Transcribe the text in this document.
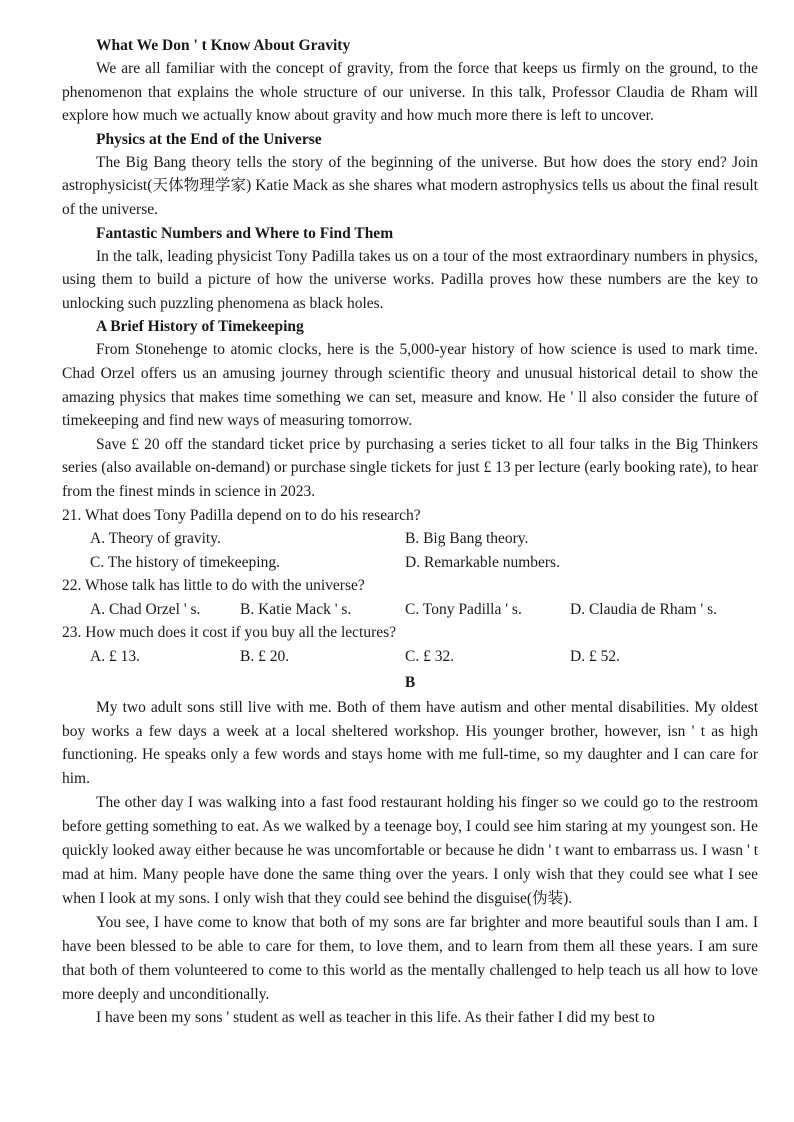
What We Don ' t Know About Gravity

We are all familiar with the concept of gravity, from the force that keeps us firmly on the ground, to the phenomenon that explains the whole structure of our universe. In this talk, Professor Claudia de Rham will explore how much we actually know about gravity and how much more there is left to uncover.

Physics at the End of the Universe

The Big Bang theory tells the story of the beginning of the universe. But how does the story end? Join astrophysicist(天体物理学家) Katie Mack as she shares what modern astrophysics tells us about the final result of the universe.

Fantastic Numbers and Where to Find Them

In the talk, leading physicist Tony Padilla takes us on a tour of the most extraordinary numbers in physics, using them to build a picture of how the universe works. Padilla proves how these numbers are the key to unlocking such puzzling phenomena as black holes.

A Brief History of Timekeeping

From Stonehenge to atomic clocks, here is the 5,000-year history of how science is used to mark time. Chad Orzel offers us an amusing journey through scientific theory and unusual historical detail to show the amazing physics that makes time something we can set, measure and know. He ' ll also consider the future of timekeeping and find new ways of measuring tomorrow.

Save £ 20 off the standard ticket price by purchasing a series ticket to all four talks in the Big Thinkers series (also available on-demand) or purchase single tickets for just £ 13 per lecture (early booking rate), to hear from the finest minds in science in 2023.

21. What does Tony Padilla depend on to do his research?
A. Theory of gravity.	B. Big Bang theory.
C. The history of timekeeping.	D. Remarkable numbers.
22. Whose talk has little to do with the universe?
A. Chad Orzel ' s.	B. Katie Mack ' s.	C. Tony Padilla ' s.	D. Claudia de Rham ' s.
23. How much does it cost if you buy all the lectures?
A. £ 13.	B. £ 20.	C. £ 32.	D. £ 52.
B

My two adult sons still live with me. Both of them have autism and other mental disabilities. My oldest boy works a few days a week at a local sheltered workshop. His younger brother, however, isn ' t as high functioning. He speaks only a few words and stays home with me full-time, so my daughter and I can care for him.

The other day I was walking into a fast food restaurant holding his finger so we could go to the restroom before getting something to eat. As we walked by a teenage boy, I could see him staring at my youngest son. He quickly looked away either because he was uncomfortable or because he didn ' t want to embarrass us. I wasn ' t mad at him. Many people have done the same thing over the years. I only wish that they could see what I see when I look at my sons. I only wish that they could see behind the disguise(伪装).

You see, I have come to know that both of my sons are far brighter and more beautiful souls than I am. I have been blessed to be able to care for them, to love them, and to learn from them all these years. I am sure that both of them volunteered to come to this world as the mentally challenged to help teach us all how to love more deeply and unconditionally.

I have been my sons ' student as well as teacher in this life. As their father I did my best to
